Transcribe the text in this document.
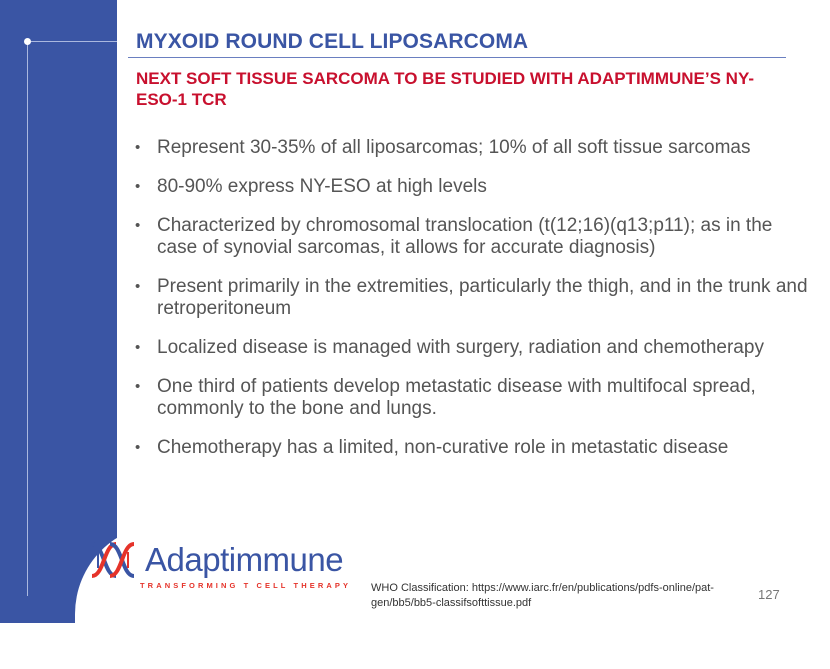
MYXOID ROUND CELL LIPOSARCOMA
NEXT SOFT TISSUE SARCOMA TO BE STUDIED WITH ADAPTIMMUNE’S NY-ESO-1 TCR
• Represent 30-35% of all liposarcomas; 10% of all soft tissue sarcomas
• 80-90% express NY-ESO at high levels
• Characterized by chromosomal translocation (t(12;16)(q13;p11); as in the case of synovial sarcomas, it allows for accurate diagnosis)
• Present primarily in the extremities, particularly the thigh, and in the trunk and retroperitoneum
• Localized disease is managed with surgery, radiation and chemotherapy
• One third of patients develop metastatic disease with multifocal spread, commonly to the bone and lungs.
• Chemotherapy has a limited, non-curative role in metastatic disease
Adaptimmune
TRANSFORMING T CELL THERAPY WHO Classification: https://www.iarc.fr/en/publications/pdfs-online/pat-gen/bb5/bb5-classifsofttissue.pdf

127
